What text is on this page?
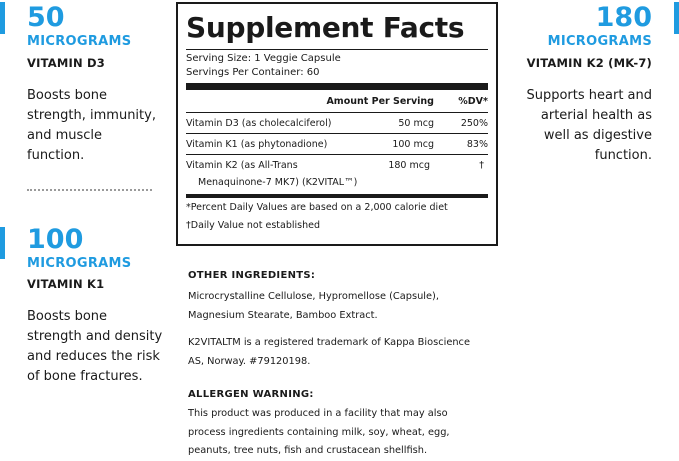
50
MICROGRAMS
VITAMIN D3
Boosts bone
strength, immunity,
and muscle
function.
100
MICROGRAMS
VITAMIN K1
Boosts bone
strength and density
and reduces the risk
of bone fractures.
180
MICROGRAMS
VITAMIN K2 (MK-7)
Supports heart and
arterial health as
well as digestive
function.
Supplement Facts
Serving Size: 1 Veggie Capsule
Servings Per Container: 60
Amount Per Serving	%DV*
Vitamin D3 (as cholecalciferol)	50 mcg	250%
Vitamin K1 (as phytonadione)	100 mcg	83%
Vitamin K2 (as All-Trans
Menaquinone-7 MK7) (K2VITAL™)
180 mcg	†
*Percent Daily Values are based on a 2,000 calorie diet
†Daily Value not established
OTHER INGREDIENTS:
Microcrystalline Cellulose, Hypromellose (Capsule),
Magnesium Stearate, Bamboo Extract.
K2VITALTM is a registered trademark of Kappa Bioscience
AS, Norway. #79120198.
ALLERGEN WARNING:
This product was produced in a facility that may also
process ingredients containing milk, soy, wheat, egg,
peanuts, tree nuts, fish and crustacean shellfish.
